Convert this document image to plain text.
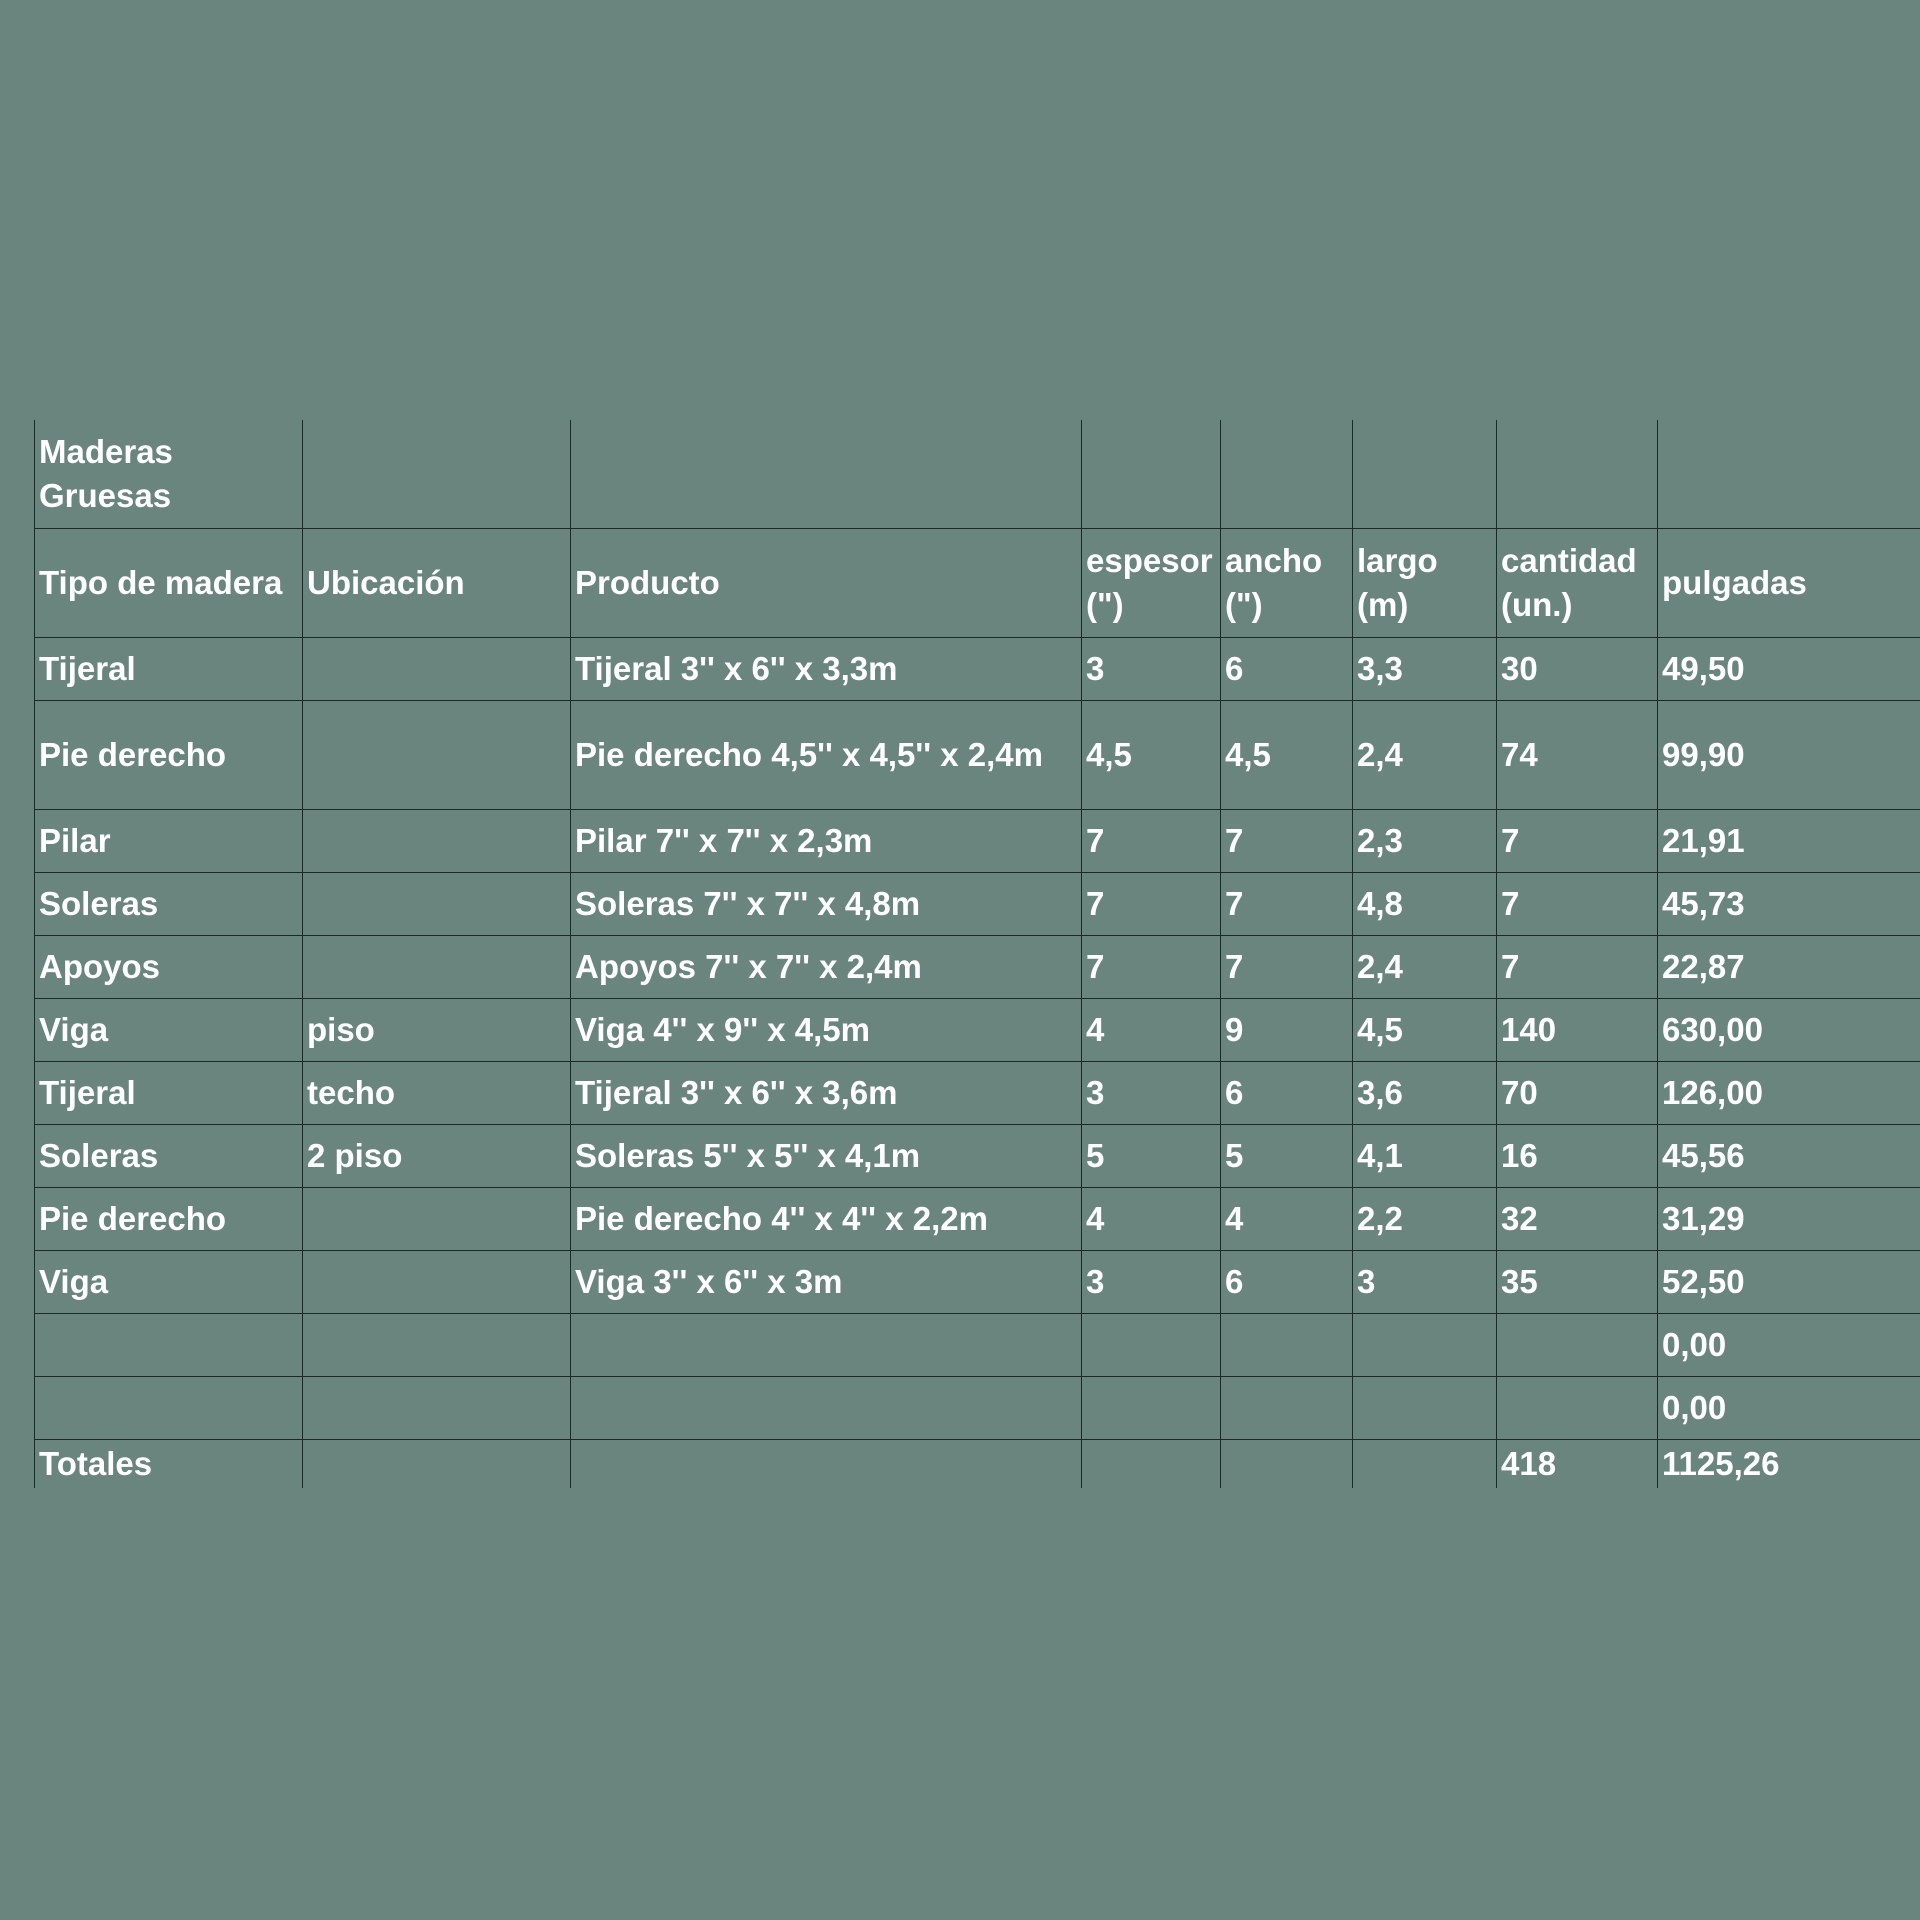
Maderas Gruesas							
Tipo de madera	Ubicación	Producto	espesor (")	ancho (")	largo (m)	cantidad (un.)	pulgadas
Tijeral		Tijeral 3'' x 6'' x 3,3m	3	6	3,3	30	49,50
Pie derecho		Pie derecho 4,5'' x 4,5'' x 2,4m	4,5	4,5	2,4	74	99,90
Pilar		Pilar 7'' x 7'' x 2,3m	7	7	2,3	7	21,91
Soleras		Soleras 7'' x 7'' x 4,8m	7	7	4,8	7	45,73
Apoyos		Apoyos 7'' x 7'' x 2,4m	7	7	2,4	7	22,87
Viga	piso	Viga 4'' x 9'' x 4,5m	4	9	4,5	140	630,00
Tijeral	techo	Tijeral 3'' x 6'' x 3,6m	3	6	3,6	70	126,00
Soleras	2 piso	Soleras 5'' x 5'' x 4,1m	5	5	4,1	16	45,56
Pie derecho		Pie derecho 4'' x 4'' x 2,2m	4	4	2,2	32	31,29
Viga		Viga 3'' x 6'' x 3m	3	6	3	35	52,50
							0,00
							0,00
Totales						418	1125,26
